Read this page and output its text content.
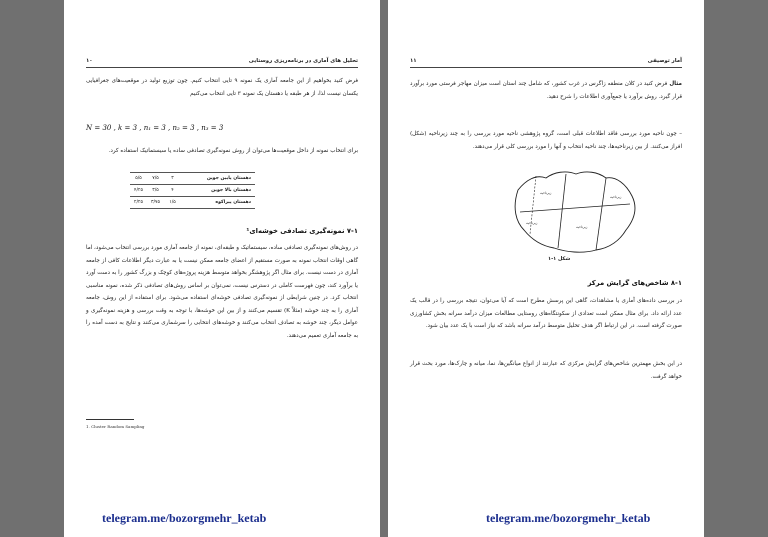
۱۰	تحلیل های آماری در برنامه‌ریزی روستایی

فرض کنید بخواهیم از این جامعه آماری یک نمونه ۹ تایی انتخاب کنیم. چون توزیع تولید در موقعیت‌های جغرافیایی یکسان نیست لذا، از هر طبقه یا دهستان یک نمونه ۳ تایی انتخاب می‌کنیم

N = 30 , k = 3 , n₁ = 3 , n₂ = 3 , n₃ = 3

برای انتخاب نمونه از داخل موقعیت‌ها می‌توان از روش نمونه‌گیری تصادفی ساده یا سیستماتیک استفاده کرد.

دهستان پایین جوین	۳	۷/۵	۵/۵
دهستان بالا جوین	۴	۳/۵	۴/۲۵
دهستان پیراکوه	۱/۵	۳/۷۵	۲/۲۵
۷-۱ نمونه‌گیری تصادفی خوشه‌ای¹

در روش‌های نمونه‌گیری تصادفی ساده، سیستماتیک و طبقه‌ای، نمونه از جامعه آماری مورد بررسی انتخاب می‌شود، اما گاهی اوقات انتخاب نمونه به صورت مستقیم از اعضای جامعه ممکن نیست یا به عبارت دیگر اطلاعات کافی از جامعه آماری در دست نیست. برای مثال اگر پژوهشگر بخواهد متوسط هزینه پروژه‌های کوچک و بزرگ کشور را به دست آورد یا برآورد کند، چون فهرست کاملی در دسترس نیست، نمی‌توان بر اساس روش‌های تصادفی ذکر شده، نمونه مناسبی انتخاب کرد. در چنین شرایطی از نمونه‌گیری تصادفی خوشه‌ای استفاده می‌شود. برای استفاده از این روش، جامعه آماری را به چند خوشه (مثلاً K) تقسیم می‌کنند و از بین این خوشه‌ها، با توجه به وقت بررسی و هزینه نمونه‌گیری و عوامل دیگر، چند خوشه به تصادف انتخاب می‌کنند و خوشه‌های انتخابی را سرشماری می‌کنند و نتایج به دست آمده را به جامعه آماری تعمیم می‌دهند.

1. Cluster Random Sampling
telegram.me/bozorgmehr_ketab
۱۱	آمار توصیفی

مثال فرض کنید در کلان منطقه زاگرس در غرب کشور، که شامل چند استان است میزان مهاجر فرستی مورد برآورد قرار گیرد. روش برآورد یا جمع‌آوری اطلاعات را شرح دهید.

– چون ناحیه مورد بررسی فاقد اطلاعات قبلی است، گروه پژوهشی ناحیه مورد بررسی را به چند زیرناحیه (شکل) افراز می‌کنند. از بین زیرناحیه‌ها، چند ناحیه انتخاب و آنها را مورد بررسی کلی قرار می‌دهند.

زیرناحیه
زیرناحیه
زیرناحیه
زیرناحیه
شکل ۱-۱
۸-۱ شاخص‌های گرایش مرکز

در بررسی داده‌های آماری یا مشاهدات، گاهی این پرسش مطرح است که آیا می‌توان، نتیجه بررسی را در قالب یک عدد ارائه داد. برای مثال ممکن است تعدادی از سکونتگاه‌های روستایی مطالعات میزان درآمد سرانه بخش کشاورزی صورت گرفته است. در این ارتباط اگر هدف تحلیل متوسط درآمد سرانه باشد که نیاز است با یک عدد بیان شود.

در این بخش مهمترین شاخص‌های گرایش مرکزی که عبارتند از انواع میانگین‌ها، نما، میانه و چارک‌ها، مورد بحث قرار خواهد گرفت.

telegram.me/bozorgmehr_ketab
